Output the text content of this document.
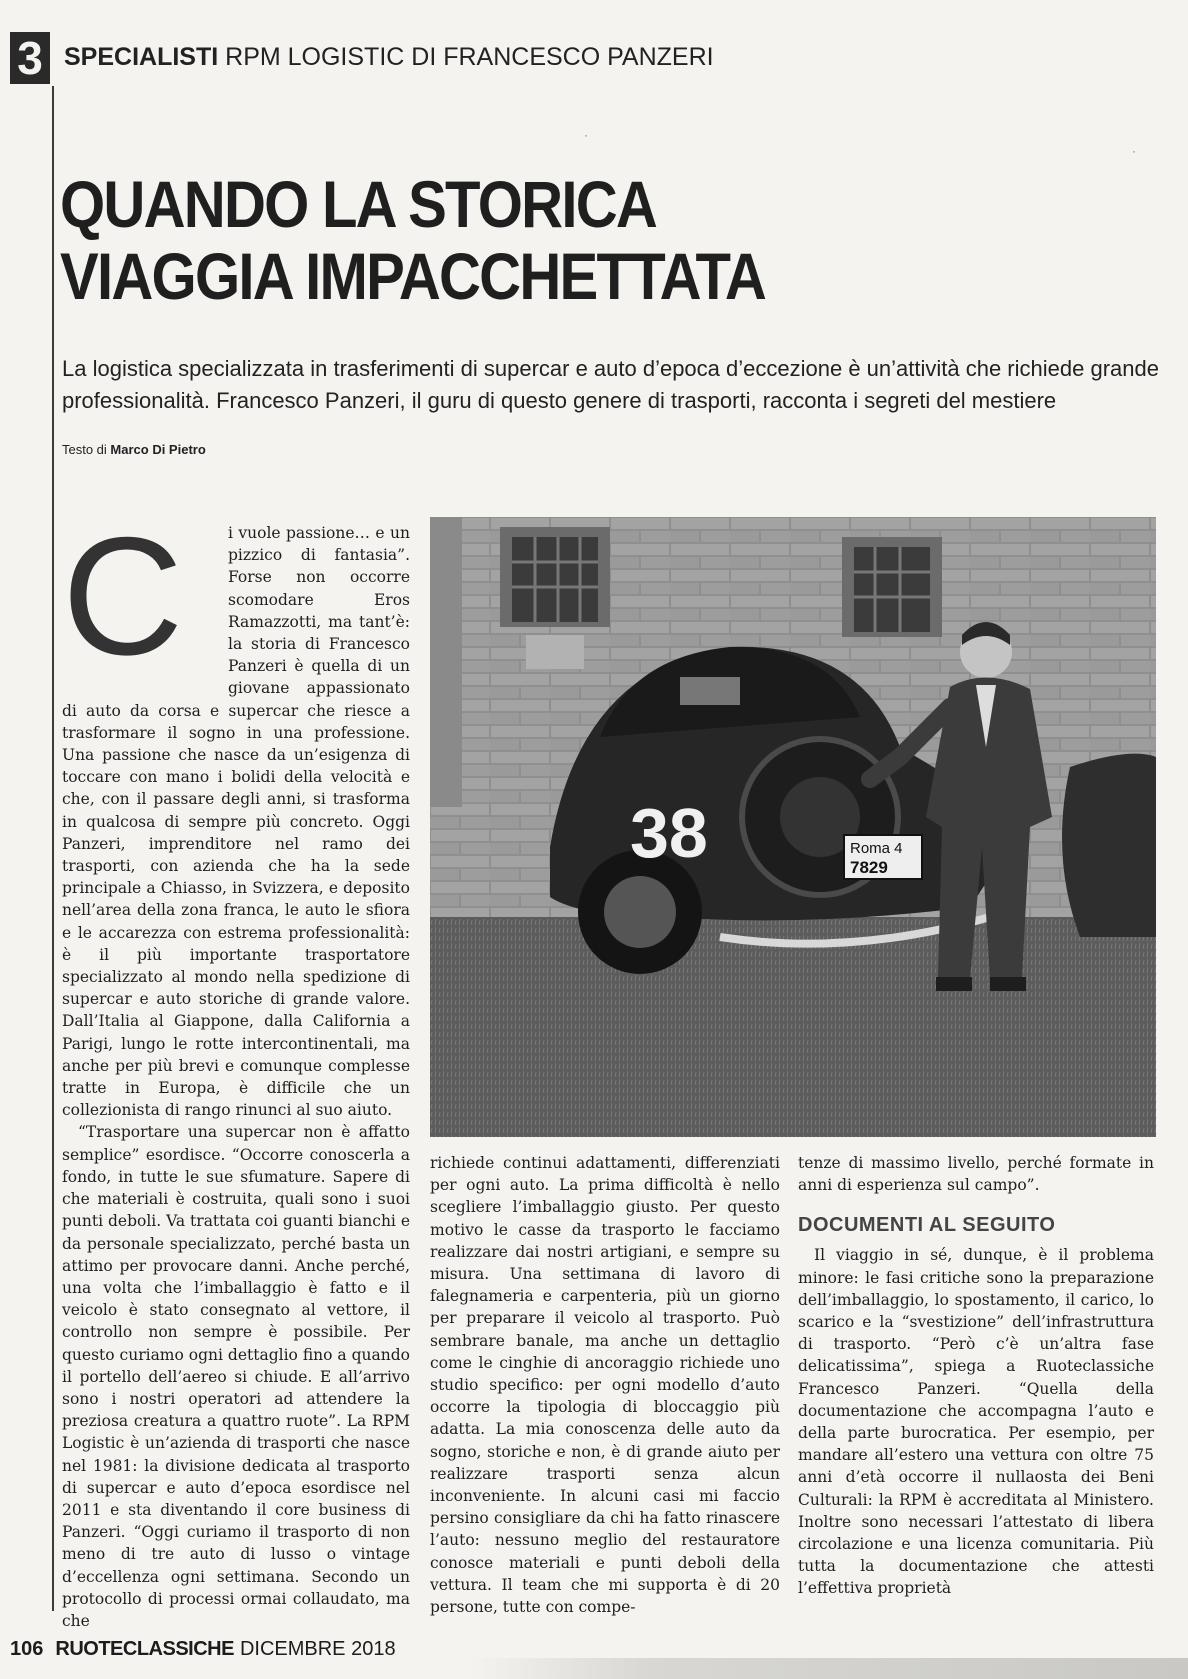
3 SPECIALISTI RPM LOGISTIC DI FRANCESCO PANZERI
·
·
QUANDO LA STORICA
VIAGGIA IMPACCHETTATA

La logistica specializzata in trasferimenti di supercar e auto d’epoca d’eccezione è un’attività che richiede grande professionalità. Francesco Panzeri, il guru di questo genere di trasporti, racconta i segreti del mestiere

Testo di Marco Di Pietro
C	i vuole passione… e un pizzico di fantasia”. Forse non occorre scomodare Eros Ramazzotti, ma tant’è: la storia di Francesco Panzeri è quella di un giovane appassionato di auto da corsa e supercar che riesce a trasformare il sogno in una professione. Una passione che nasce da un’esigenza di toccare con mano i bolidi della velocità e che, con il passare degli anni, si trasforma in qualcosa di sempre più concreto. Oggi Panzeri, imprenditore nel ramo dei trasporti, con azienda che ha la sede principale a Chiasso, in Svizzera, e deposito nell’area della zona franca, le auto le sfiora e le accarezza con estrema professionalità: è il più importante trasportatore specializzato al mondo nella spedizione di supercar e auto storiche di grande valore. Dall’Italia al Giappone, dalla California a Parigi, lungo le rotte intercontinentali, ma anche per più brevi e comunque complesse tratte in Europa, è difficile che un collezionista di rango rinunci al suo aiuto.

“Trasportare una supercar non è affatto semplice” esordisce. “Occorre conoscerla a fondo, in tutte le sue sfumature. Sapere di che materiali è costruita, quali sono i suoi punti deboli. Va trattata coi guanti bianchi e da personale specializzato, perché basta un attimo per provocare danni. Anche perché, una volta che l’imballaggio è fatto e il veicolo è stato consegnato al vettore, il controllo non sempre è possibile. Per questo curiamo ogni dettaglio fino a quando il portello dell’aereo si chiude. E all’arrivo sono i nostri operatori ad attendere la preziosa creatura a quattro ruote”. La RPM Logistic è un’azienda di trasporti che nasce nel 1981: la divisione dedicata al trasporto di supercar e auto d’epoca esordisce nel 2011 e sta diventando il core business di Panzeri. “Oggi curiamo il trasporto di non meno di tre auto di lusso o vintage d’eccellenza ogni settimana. Secondo un protocollo di processi ormai collaudato, ma che

38	Roma 4
7829

richiede continui adattamenti, differenziati per ogni auto. La prima difficoltà è nello scegliere l’imballaggio giusto. Per questo motivo le casse da trasporto le facciamo realizzare dai nostri artigiani, e sempre su misura. Una settimana di lavoro di falegnameria e carpenteria, più un giorno per preparare il veicolo al trasporto. Può sembrare banale, ma anche un dettaglio come le cinghie di ancoraggio richiede uno studio specifico: per ogni modello d’auto occorre la tipologia di bloccaggio più adatta. La mia conoscenza delle auto da sogno, storiche e non, è di grande aiuto per realizzare trasporti senza alcun inconveniente. In alcuni casi mi faccio persino consigliare da chi ha fatto rinascere l’auto: nessuno meglio del restauratore conosce materiali e punti deboli della vettura. Il team che mi supporta è di 20 persone, tutte con compe-

tenze di massimo livello, perché formate in anni di esperienza sul campo”.

DOCUMENTI AL SEGUITO

Il viaggio in sé, dunque, è il problema minore: le fasi critiche sono la preparazione dell’imballaggio, lo spostamento, il carico, lo scarico e la “svestizione” dell’infrastruttura di trasporto. “Però c’è un’altra fase delicatissima”, spiega a Ruoteclassiche Francesco Panzeri. “Quella della documentazione che accompagna l’auto e della parte burocratica. Per esempio, per mandare all’estero una vettura con oltre 75 anni d’età occorre il nullaosta dei Beni Culturali: la RPM è accreditata al Ministero. Inoltre sono necessari l’attestato di libera circolazione e una licenza comunitaria. Più tutta la documentazione che attesti l’effettiva proprietà

106 RUOTECLASSICHE DICEMBRE 2018
